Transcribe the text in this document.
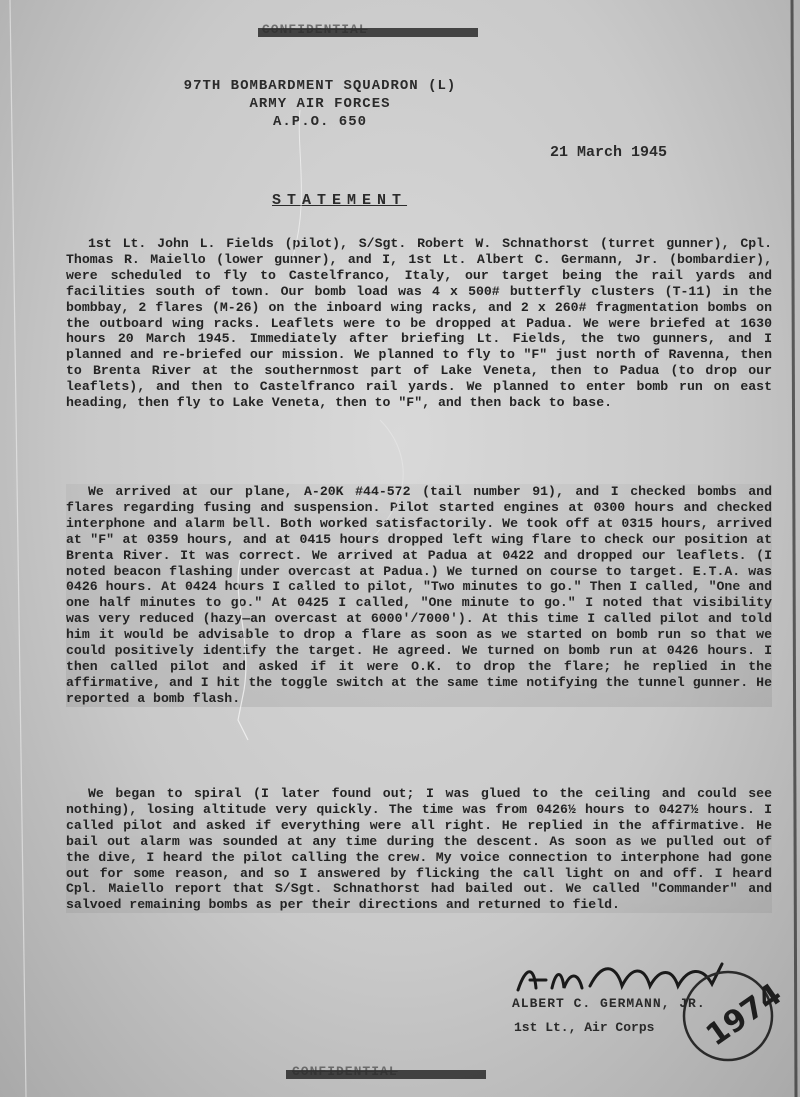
97TH BOMBARDMENT SQUADRON (L)
ARMY AIR FORCES
A.P.O. 650
21 March 1945
STATEMENT
1st Lt. John L. Fields (pilot), S/Sgt. Robert W. Schnathorst (turret gunner), Cpl. Thomas R. Maiello (lower gunner), and I, 1st Lt. Albert C. Germann, Jr. (bombardier), were scheduled to fly to Castelfranco, Italy, our target being the rail yards and facilities south of town. Our bomb load was 4 x 500# butterfly clusters (T-11) in the bombbay, 2 flares (M-26) on the inboard wing racks, and 2 x 260# fragmentation bombs on the outboard wing racks. Leaflets were to be dropped at Padua. We were briefed at 1630 hours 20 March 1945. Immediately after briefing Lt. Fields, the two gunners, and I planned and re-briefed our mission. We planned to fly to "F" just north of Ravenna, then to Brenta River at the southernmost part of Lake Veneta, then to Padua (to drop our leaflets), and then to Castelfranco rail yards. We planned to enter bomb run on east heading, then fly to Lake Veneta, then to "F", and then back to base.
We arrived at our plane, A-20K #44-572 (tail number 91), and I checked bombs and flares regarding fusing and suspension. Pilot started engines at 0300 hours and checked interphone and alarm bell. Both worked satisfactorily. We took off at 0315 hours, arrived at "F" at 0359 hours, and at 0415 hours dropped left wing flare to check our position at Brenta River. It was correct. We arrived at Padua at 0422 and dropped our leaflets. (I noted beacon flashing under overcast at Padua.) We turned on course to target. E.T.A. was 0426 hours. At 0424 hours I called to pilot, "Two minutes to go." Then I called, "One and one half minutes to go." At 0425 I called, "One minute to go." I noted that visibility was very reduced (hazy—an overcast at 6000'/7000'). At this time I called pilot and told him it would be advisable to drop a flare as soon as we started on bomb run so that we could positively identify the target. He agreed. We turned on bomb run at 0426 hours. I then called pilot and asked if it were O.K. to drop the flare; he replied in the affirmative, and I hit the toggle switch at the same time notifying the tunnel gunner. He reported a bomb flash.
We began to spiral (I later found out; I was glued to the ceiling and could see nothing), losing altitude very quickly. The time was from 0426½ hours to 0427½ hours. I called pilot and asked if everything were all right. He replied in the affirmative. He bail out alarm was sounded at any time during the descent. As soon as we pulled out of the dive, I heard the pilot calling the crew. My voice connection to interphone had gone out for some reason, and so I answered by flicking the call light on and off. I heard Cpl. Maiello report that S/Sgt. Schnathorst had bailed out. We called "Commander" and salvoed remaining bombs as per their directions and returned to field.
ALBERT C. GERMANN, JR.
1st Lt., Air Corps 1974
